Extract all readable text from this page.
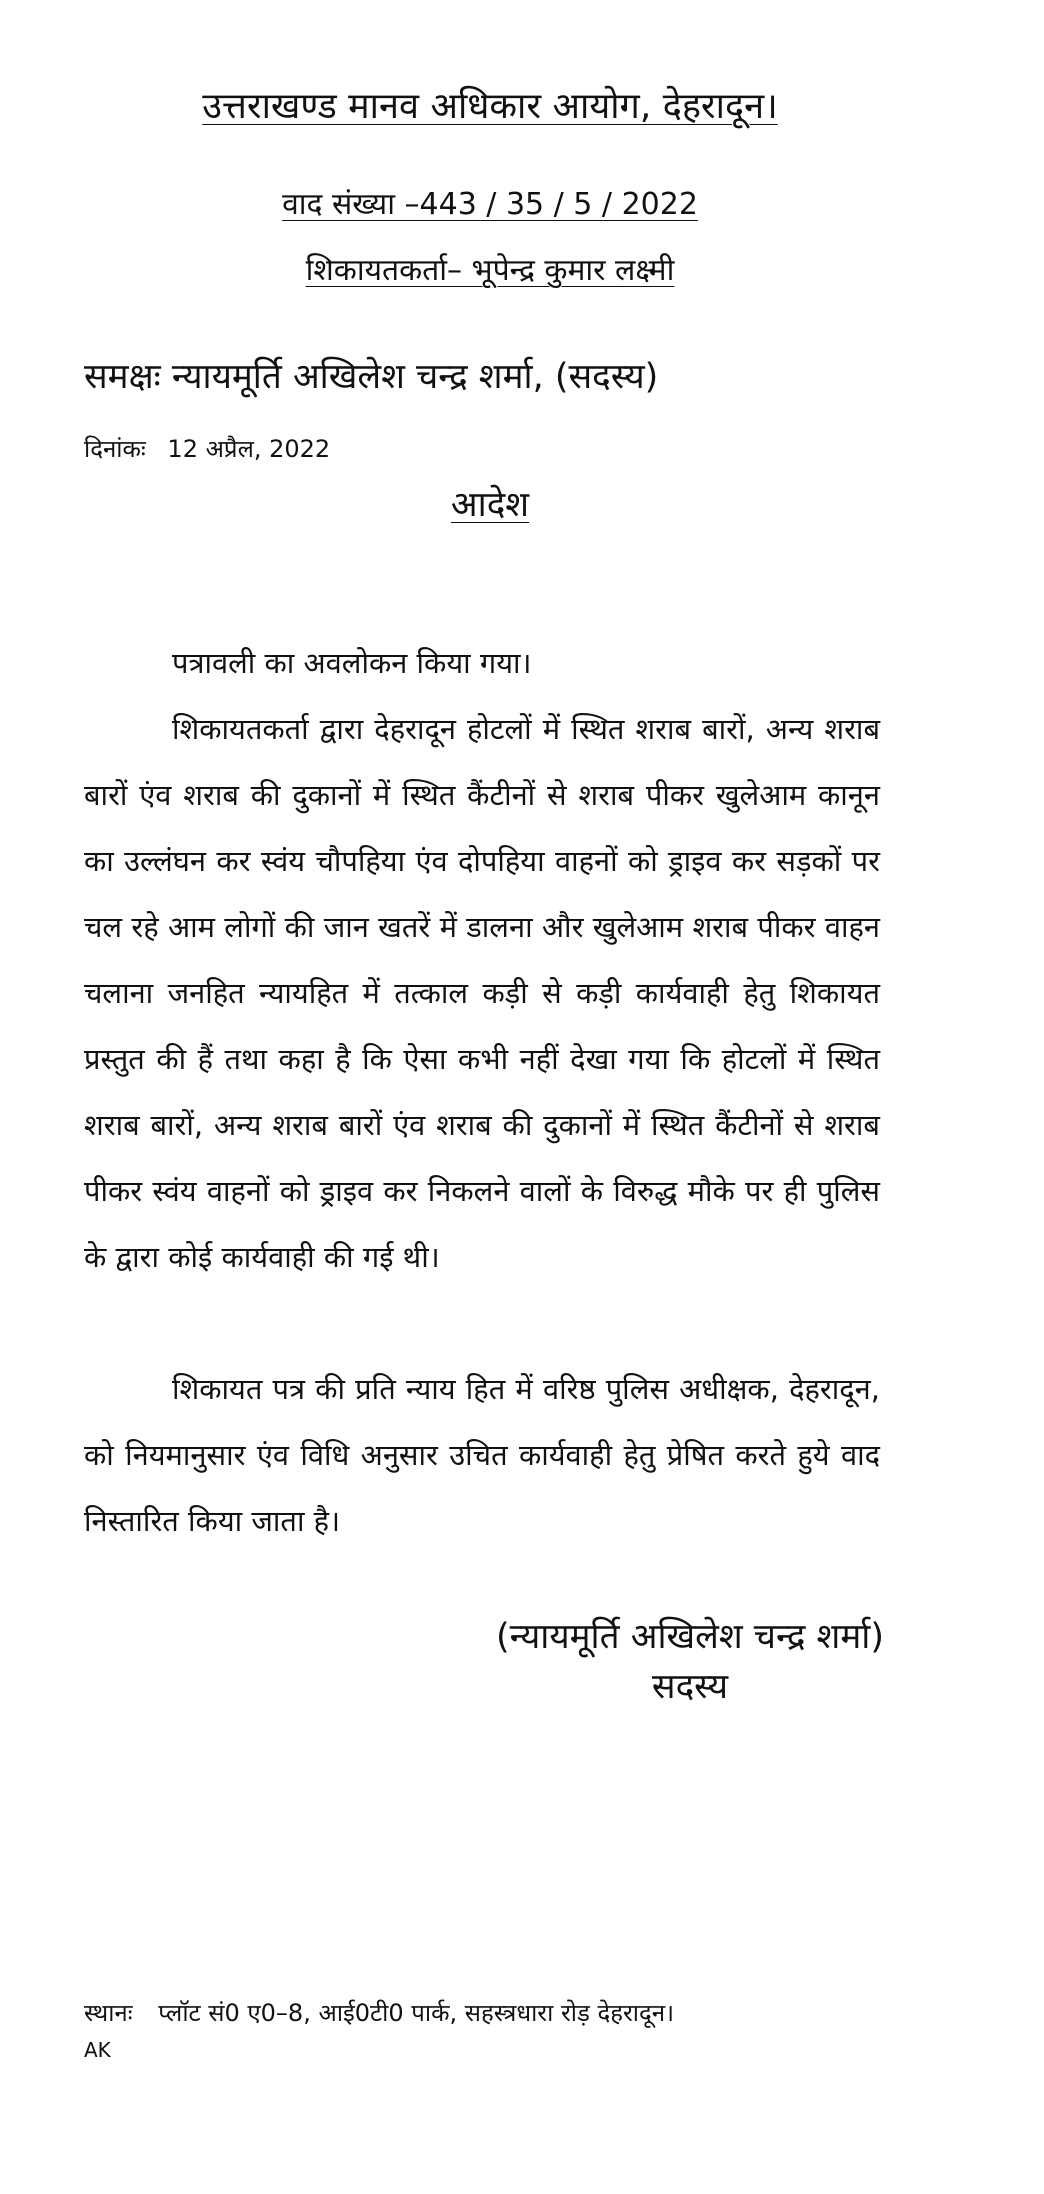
उत्तराखण्ड मानव अधिकार आयोग, देहरादून।
वाद संख्या –443 / 35 / 5 / 2022
शिकायतकर्ता– भूपेन्द्र कुमार लक्ष्मी
समक्षः न्यायमूर्ति अखिलेश चन्द्र शर्मा, (सदस्य)
दिनांकः 12 अप्रैल, 2022
आदेश
पत्रावली का अवलोकन किया गया।
शिकायतकर्ता द्वारा देहरादून होटलों में स्थित शराब बारों, अन्य शराब बारों एंव शराब की दुकानों में स्थित कैंटीनों से शराब पीकर खुलेआम कानून का उल्लंघन कर स्वंय चौपहिया एंव दोपहिया वाहनों को ड्राइव कर सड़कों पर चल रहे आम लोगों की जान खतरें में डालना और खुलेआम शराब पीकर वाहन चलाना जनहित न्यायहित में तत्काल कड़ी से कड़ी कार्यवाही हेतु शिकायत प्रस्तुत की हैं तथा कहा है कि ऐसा कभी नहीं देखा गया कि होटलों में स्थित शराब बारों, अन्य शराब बारों एंव शराब की दुकानों में स्थित कैंटीनों से शराब पीकर स्वंय वाहनों को ड्राइव कर निकलने वालों के विरुद्ध मौके पर ही पुलिस के द्वारा कोई कार्यवाही की गई थी।
शिकायत पत्र की प्रति न्याय हित में वरिष्ठ पुलिस अधीक्षक, देहरादून, को नियमानुसार एंव विधि अनुसार उचित कार्यवाही हेतु प्रेषित करते हुये वाद निस्तारित किया जाता है।
(न्यायमूर्ति अखिलेश चन्द्र शर्मा)
सदस्य
स्थानः प्लॉट सं0 ए0–8, आई0टी0 पार्क, सहस्त्रधारा रोड़ देहरादून।
AK
